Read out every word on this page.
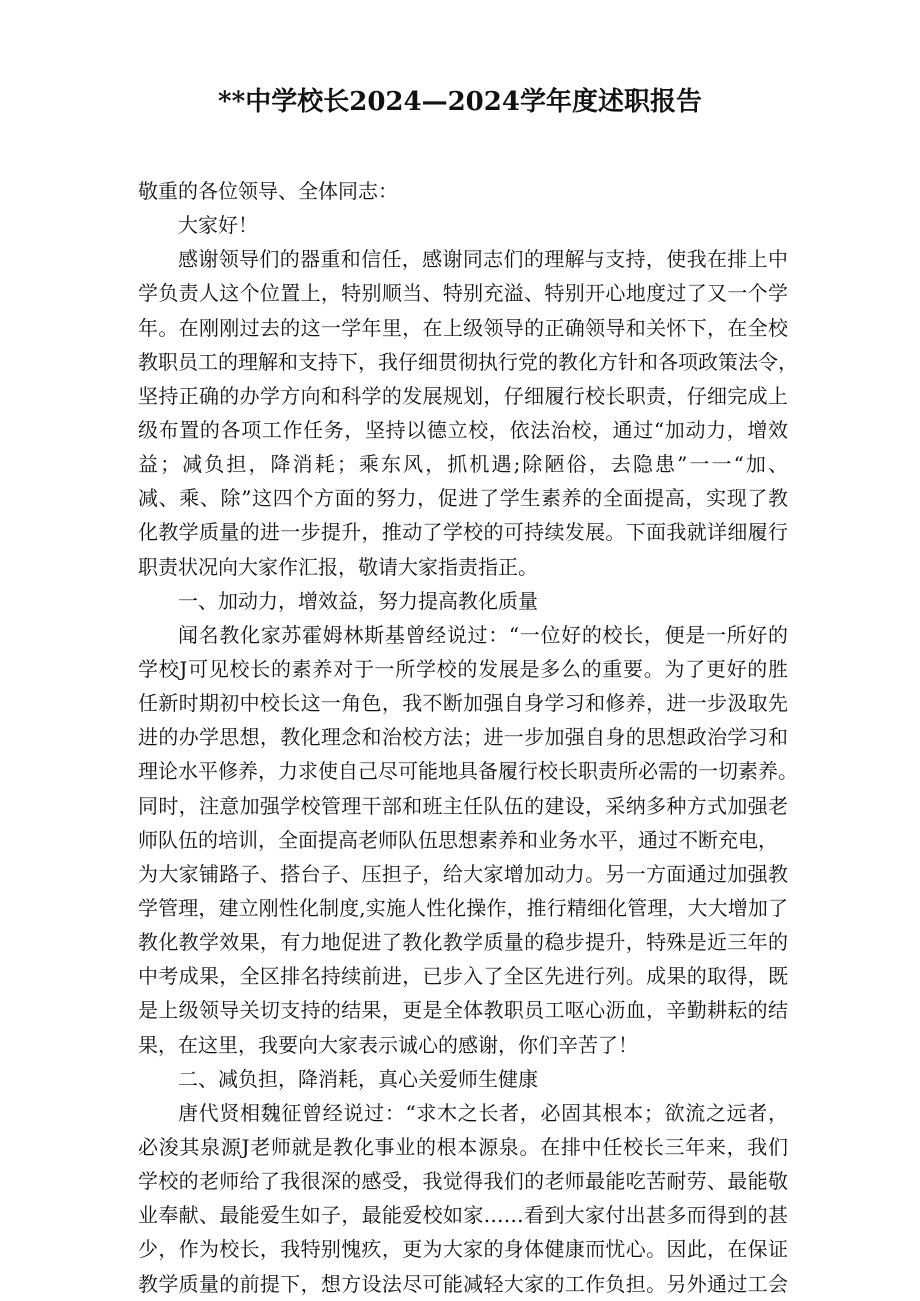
**中学校长2024—2024学年度述职报告
敬重的各位领导、全体同志：
大家好！
感谢领导们的器重和信任，感谢同志们的理解与支持，使我在排上中
学负责人这个位置上，特别顺当、特别充溢、特别开心地度过了又一个学
年。在刚刚过去的这一学年里，在上级领导的正确领导和关怀下，在全校
教职员工的理解和支持下，我仔细贯彻执行党的教化方针和各项政策法令，
坚持正确的办学方向和科学的发展规划，仔细履行校长职责，仔细完成上
级布置的各项工作任务，坚持以德立校，依法治校，通过“加动力，增效
益；减负担，降消耗；乘东风，抓机遇;除陋俗，去隐患”一一“加、
减、乘、除”这四个方面的努力，促进了学生素养的全面提高，实现了教
化教学质量的进一步提升，推动了学校的可持续发展。下面我就详细履行
职责状况向大家作汇报，敬请大家指责指正。
一、加动力，增效益，努力提高教化质量
闻名教化家苏霍姆林斯基曾经说过：“一位好的校长，便是一所好的
学校J可见校长的素养对于一所学校的发展是多么的重要。为了更好的胜
任新时期初中校长这一角色，我不断加强自身学习和修养，进一步汲取先
进的办学思想，教化理念和治校方法；进一步加强自身的思想政治学习和
理论水平修养，力求使自己尽可能地具备履行校长职责所必需的一切素养。
同时，注意加强学校管理干部和班主任队伍的建设，采纳多种方式加强老
师队伍的培训，全面提高老师队伍思想素养和业务水平，通过不断充电，
为大家铺路子、搭台子、压担子，给大家增加动力。另一方面通过加强教
学管理，建立刚性化制度,实施人性化操作，推行精细化管理，大大增加了
教化教学效果，有力地促进了教化教学质量的稳步提升，特殊是近三年的
中考成果，全区排名持续前进，已步入了全区先进行列。成果的取得，既
是上级领导关切支持的结果，更是全体教职员工呕心沥血，辛勤耕耘的结
果，在这里，我要向大家表示诚心的感谢，你们辛苦了！
二、减负担，降消耗，真心关爱师生健康
唐代贤相魏征曾经说过：“求木之长者，必固其根本；欲流之远者，
必浚其泉源J老师就是教化事业的根本源泉。在排中任校长三年来，我们
学校的老师给了我很深的感受，我觉得我们的老师最能吃苦耐劳、最能敬
业奉献、最能爱生如子，最能爱校如家……看到大家付出甚多而得到的甚
少，作为校长，我特别愧疚，更为大家的身体健康而忧心。因此，在保证
教学质量的前提下，想方设法尽可能减轻大家的工作负担。另外通过工会
